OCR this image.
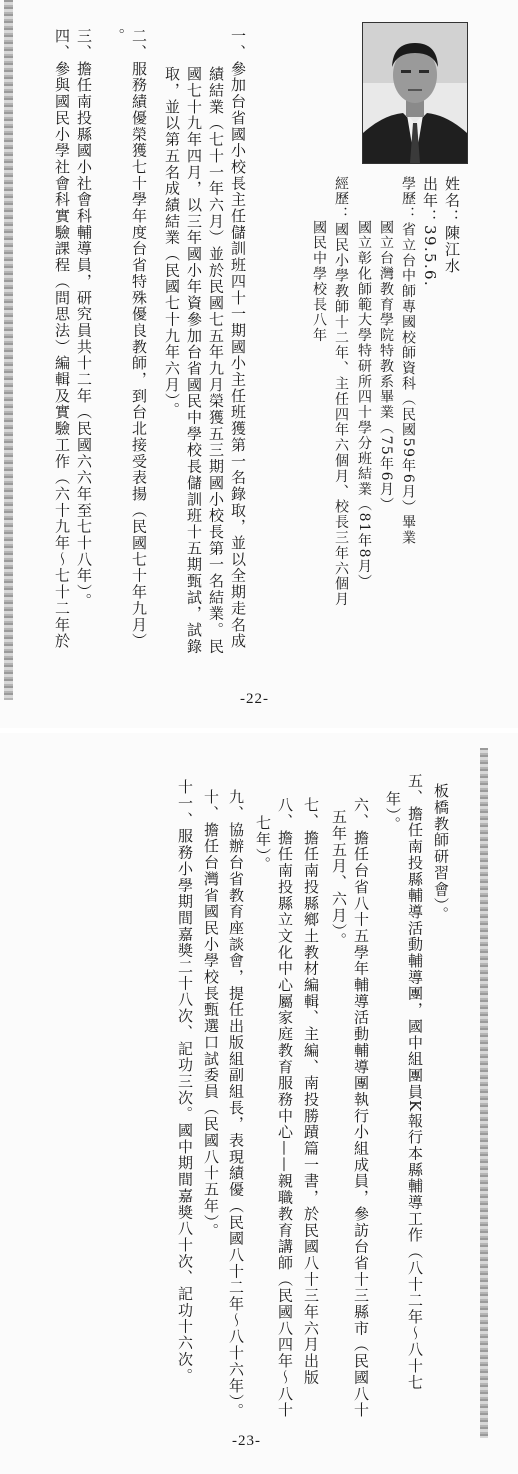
姓名：陳江水
出年：39.5.6.
學歷：省立台中師專國校師資科（民國59年6月）畢業
國立台灣教育學院特教系畢業（75年6月）
國立彰化師範大學特研所四十學分班結業（81年8月）
經歷：國民小學教師十二年、主任四年六個月、校長三年六個月
國民中學校長八年
一、參加台省國小校長主任儲訓班四十一期國小主任班獲第一名錄取，並以全期走名成
績結業（七十一年六月）並於民國七五年九月榮獲五三期國小校長第一名結業。民
國七十九年四月，以三年國小年資參加台省國民中學校長儲訓班十五期甄試，試錄
取，並以第五名成績結業（民國七十九年六月）。
二、服務績優榮獲七十學年度台省特殊優良教師，到台北接受表揚（民國七十年九月）
。
三、擔任南投縣國小社會科輔導員，研究員共十二年（民國六六年至七十八年）。
四、參與國民小學社會科實驗課程（問思法）編輯及實驗工作（六十九年～七十二年於
-22-
板橋教師研習會）。
五、擔任南投縣輔導活動輔導團，國中組團員K報行本縣輔導工作（八十二年～八十七
年）。
六、擔任台省八十五學年輔導活動輔導團執行小組成員，參訪台省十三縣市（民國八十
五年五月、六月）。
七、擔任南投縣鄉土教材編輯、主編、南投勝蹟篇一書，於民國八十三年六月出版
八、擔任南投縣立文化中心屬家庭教育服務中心——親職教育講師（民國八四年～八十
七年）。
九、協辦台省教育座談會，提任出版組副組長，表現績優（民國八十二年～八十六年）。
十、擔任台灣省國民小學校長甄選口試委員（民國八十五年）。
十一、服務小學期間嘉獎二十八次、記功三次。國中期間嘉獎八十次、記功十六次。
-23-
